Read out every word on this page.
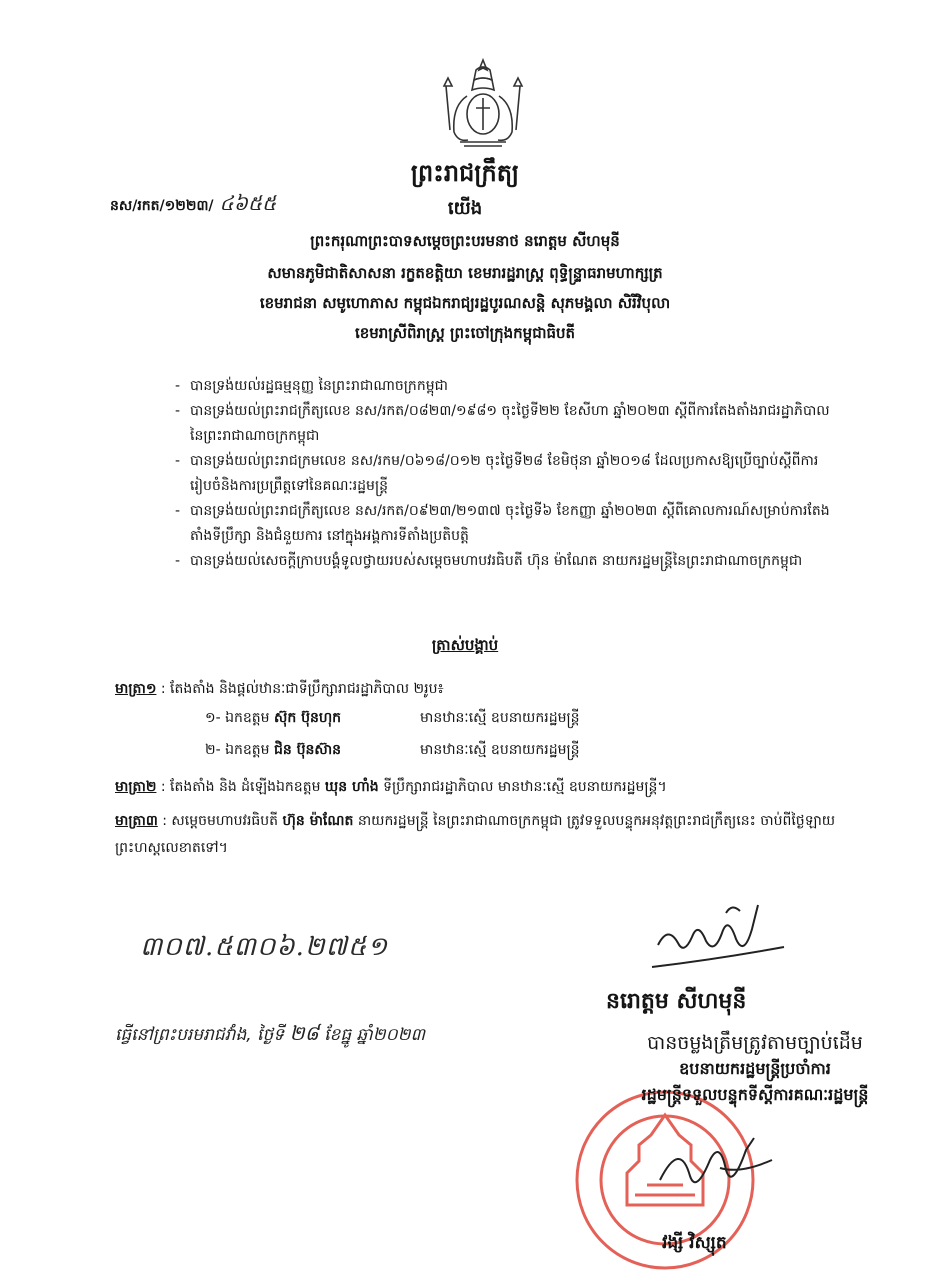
ព្រះរាជក្រឹត្យ
នស/រកត/១២២៣/ ៤៦៥៥	យើង
ព្រះករុណាព្រះបាទសម្តេចព្រះបរមនាថ នរោត្តម សីហមុនី
សមានភូមិជាតិសាសនា រក្ខតខត្តិយា ខេមរារដ្ឋរាស្ត្រ ពុទ្ធិន្ទ្រាធរាមហាក្សត្រ
ខេមរាជនា សមូហោភាស កម្ពុជឯករាជ្យរដ្ឋបូរណសន្តិ សុភមង្គលា សិរីវិបុលា
ខេមរាស្រីពិរាស្ត្រ ព្រះចៅក្រុងកម្ពុជាធិបតី
- បានទ្រង់យល់រដ្ឋធម្មនុញ្ញ នៃព្រះរាជាណាចក្រកម្ពុជា
- បានទ្រង់យល់ព្រះរាជក្រឹត្យលេខ នស/រកត/០៨២៣/១៩៨១ ចុះថ្ងៃទី២២ ខែសីហា ឆ្នាំ២០២៣ ស្តីពីការតែងតាំងរាជរដ្ឋាភិបាលនៃព្រះរាជាណាចក្រកម្ពុជា
- បានទ្រង់យល់ព្រះរាជក្រមលេខ នស/រកម/០៦១៨/០១២ ចុះថ្ងៃទី២៨ ខែមិថុនា ឆ្នាំ២០១៨ ដែលប្រកាសឱ្យប្រើច្បាប់ស្តីពីការរៀបចំនិងការប្រព្រឹត្តទៅនៃគណៈរដ្ឋមន្ត្រី
- បានទ្រង់យល់ព្រះរាជក្រឹត្យលេខ នស/រកត/០៩២៣/២១៣៧ ចុះថ្ងៃទី៦ ខែកញ្ញា ឆ្នាំ២០២៣ ស្តីពីគោលការណ៍សម្រាប់ការតែងតាំងទីប្រឹក្សា និងជំនួយការ នៅក្នុងអង្គការទីតាំងប្រតិបត្តិ
- បានទ្រង់យល់សេចក្តីក្រាបបង្គំទូលថ្វាយរបស់សម្តេចមហាបវរធិបតី ហ៊ុន ម៉ាណែត នាយករដ្ឋមន្ត្រីនៃព្រះរាជាណាចក្រកម្ពុជា
ត្រាស់បង្គាប់
មាត្រា១ : តែងតាំង និងផ្តល់ឋានៈជាទីប្រឹក្សារាជរដ្ឋាភិបាល ២រូប៖
១- ឯកឧត្តម ស៊ុក ប៊ុនហុក	មានឋានៈស្មើ ឧបនាយករដ្ឋមន្ត្រី
២- ឯកឧត្តម ជិន ប៊ុនស៊ាន	មានឋានៈស្មើ ឧបនាយករដ្ឋមន្ត្រី
មាត្រា២ : តែងតាំង និង ដំឡើងឯកឧត្តម ឃុន ហាំង ទីប្រឹក្សារាជរដ្ឋាភិបាល មានឋានៈស្មើ ឧបនាយករដ្ឋមន្ត្រី។
មាត្រា៣ : សម្តេចមហាបវរធិបតី ហ៊ុន ម៉ាណែត នាយករដ្ឋមន្ត្រី នៃព្រះរាជាណាចក្រកម្ពុជា ត្រូវទទួលបន្ទុកអនុវត្តព្រះរាជក្រឹត្យនេះ ចាប់ពីថ្ងៃឡាយព្រះហស្តលេខាតទៅ។
៣០៧.៥៣០៦.២៧៥១
ធ្វើនៅព្រះបរមរាជវាំង, ថ្ងៃទី ២៨ ខែធ្នូ ឆ្នាំ២០២៣
នរោត្តម សីហមុនី
បានចម្លងត្រឹមត្រូវតាមច្បាប់ដើម
ឧបនាយករដ្ឋមន្ត្រីប្រចាំការ
រដ្ឋមន្ត្រីទទួលបន្ទុកទីស្តីការគណៈរដ្ឋមន្ត្រី
វង្សី វិស្សុត
